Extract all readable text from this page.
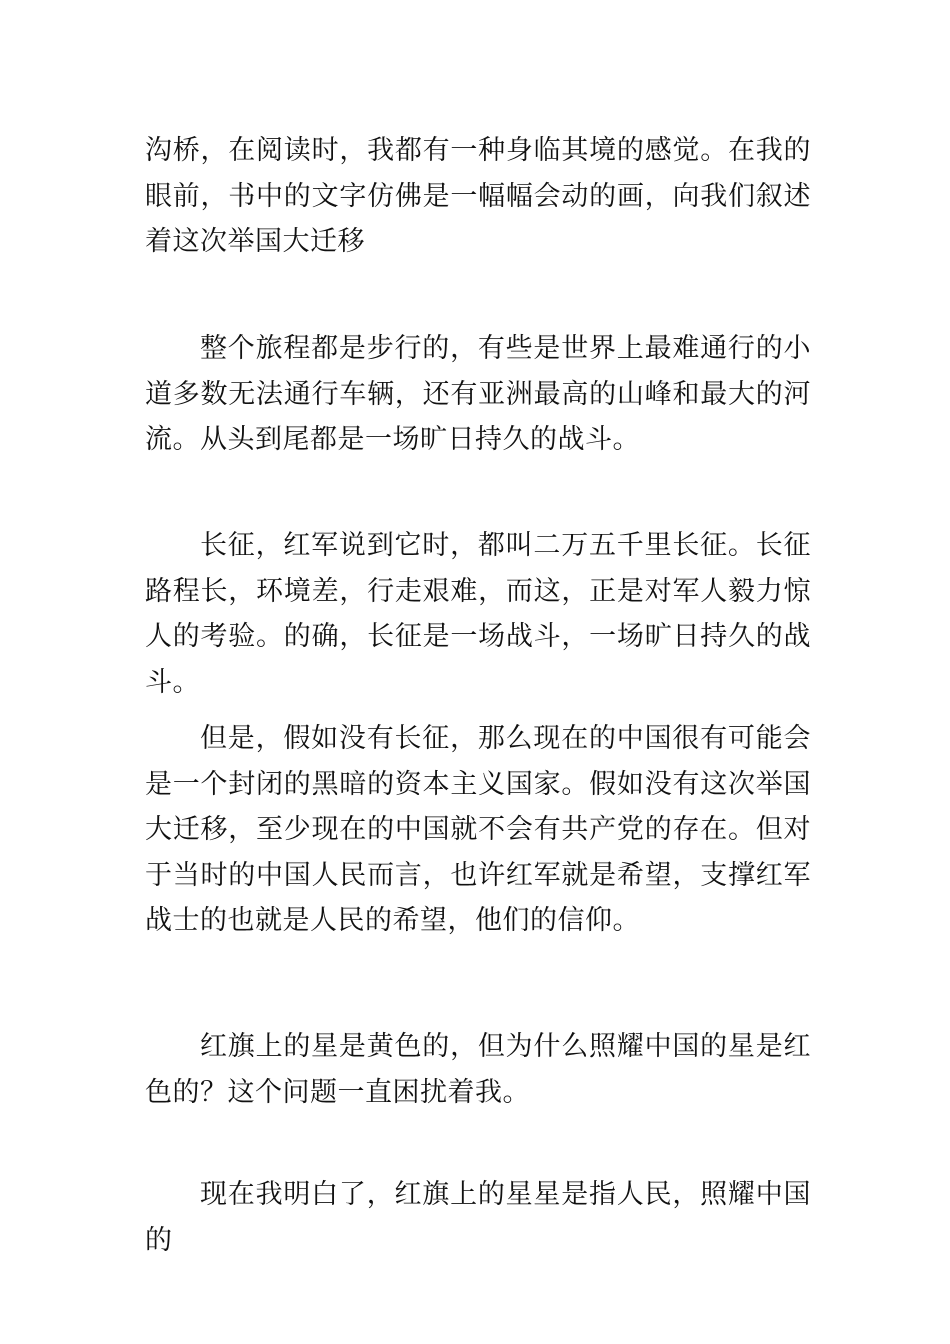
沟桥，在阅读时，我都有一种身临其境的感觉。在我的眼前，书中的文字仿佛是一幅幅会动的画，向我们叙述着这次举国大迁移

整个旅程都是步行的，有些是世界上最难通行的小道多数无法通行车辆，还有亚洲最高的山峰和最大的河流。从头到尾都是一场旷日持久的战斗。

长征，红军说到它时，都叫二万五千里长征。长征路程长，环境差，行走艰难，而这，正是对军人毅力惊人的考验。的确，长征是一场战斗，一场旷日持久的战斗。

但是，假如没有长征，那么现在的中国很有可能会是一个封闭的黑暗的资本主义国家。假如没有这次举国大迁移，至少现在的中国就不会有共产党的存在。但对于当时的中国人民而言，也许红军就是希望，支撑红军战士的也就是人民的希望，他们的信仰。

红旗上的星是黄色的，但为什么照耀中国的星是红色的？这个问题一直困扰着我。

现在我明白了，红旗上的星星是指人民，照耀中国的
